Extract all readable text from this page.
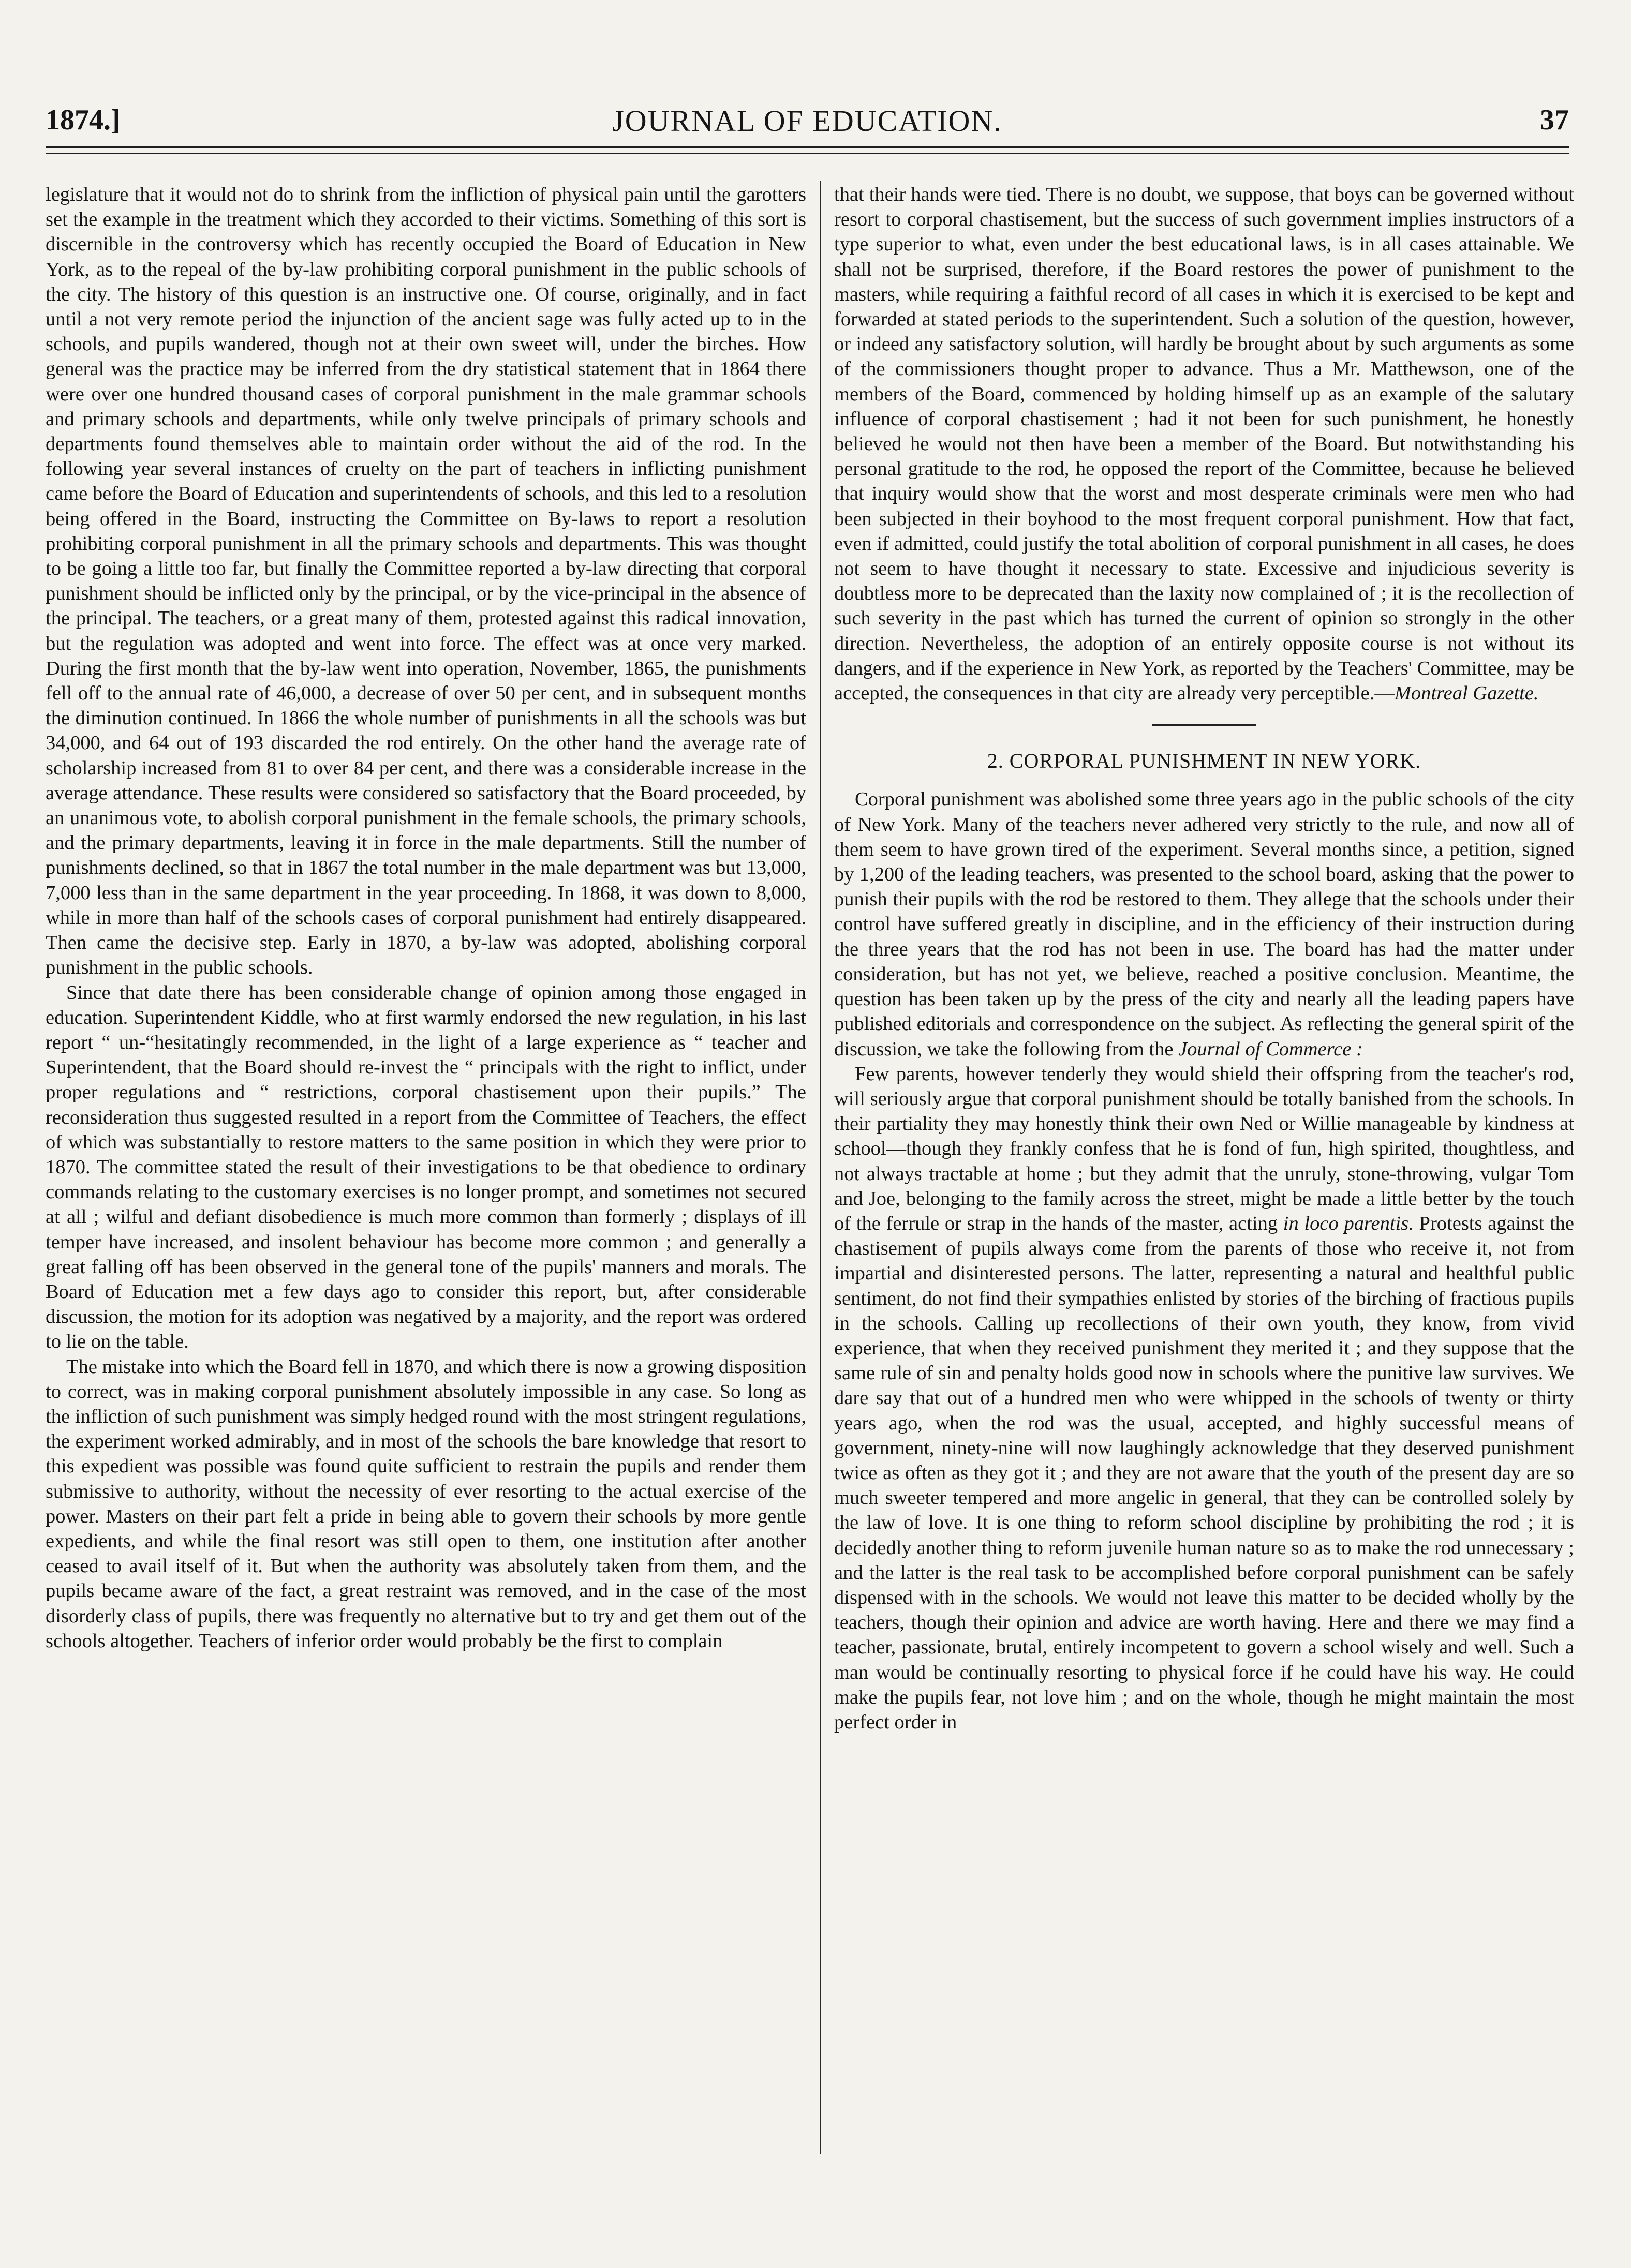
1874.]	JOURNAL OF EDUCATION.	37

legislature that it would not do to shrink from the infliction of physical pain until the garotters set the example in the treatment which they accorded to their victims. Something of this sort is discernible in the controversy which has recently occupied the Board of Education in New York, as to the repeal of the by-law prohibiting corporal punishment in the public schools of the city. The history of this question is an instructive one. Of course, originally, and in fact until a not very remote period the injunction of the ancient sage was fully acted up to in the schools, and pupils wandered, though not at their own sweet will, under the birches. How general was the practice may be inferred from the dry statistical statement that in 1864 there were over one hundred thousand cases of corporal punishment in the male grammar schools and primary schools and departments, while only twelve principals of primary schools and departments found themselves able to maintain order without the aid of the rod. In the following year several instances of cruelty on the part of teachers in inflicting punishment came before the Board of Education and superintendents of schools, and this led to a resolution being offered in the Board, instructing the Committee on By-laws to report a resolution prohibiting corporal punishment in all the primary schools and departments. This was thought to be going a little too far, but finally the Committee reported a by-law directing that corporal punishment should be inflicted only by the principal, or by the vice-principal in the absence of the principal. The teachers, or a great many of them, protested against this radical innovation, but the regulation was adopted and went into force. The effect was at once very marked. During the first month that the by-law went into operation, November, 1865, the punishments fell off to the annual rate of 46,000, a decrease of over 50 per cent, and in subsequent months the diminution continued. In 1866 the whole number of punishments in all the schools was but 34,000, and 64 out of 193 discarded the rod entirely. On the other hand the average rate of scholarship increased from 81 to over 84 per cent, and there was a considerable increase in the average attendance. These results were considered so satisfactory that the Board proceeded, by an unanimous vote, to abolish corporal punishment in the female schools, the primary schools, and the primary departments, leaving it in force in the male departments. Still the number of punishments declined, so that in 1867 the total number in the male department was but 13,000, 7,000 less than in the same department in the year proceeding. In 1868, it was down to 8,000, while in more than half of the schools cases of corporal punishment had entirely disappeared. Then came the decisive step. Early in 1870, a by-law was adopted, abolishing corporal punishment in the public schools.

Since that date there has been considerable change of opinion among those engaged in education. Superintendent Kiddle, who at first warmly endorsed the new regulation, in his last report “ un-“hesitatingly recommended, in the light of a large experience as “ teacher and Superintendent, that the Board should re-invest the “ principals with the right to inflict, under proper regulations and “ restrictions, corporal chastisement upon their pupils.” The reconsideration thus suggested resulted in a report from the Committee of Teachers, the effect of which was substantially to restore matters to the same position in which they were prior to 1870. The committee stated the result of their investigations to be that obedience to ordinary commands relating to the customary exercises is no longer prompt, and sometimes not secured at all ; wilful and defiant disobedience is much more common than formerly ; displays of ill temper have increased, and insolent behaviour has become more common ; and generally a great falling off has been observed in the general tone of the pupils' manners and morals. The Board of Education met a few days ago to consider this report, but, after considerable discussion, the motion for its adoption was negatived by a majority, and the report was ordered to lie on the table.

The mistake into which the Board fell in 1870, and which there is now a growing disposition to correct, was in making corporal punishment absolutely impossible in any case. So long as the infliction of such punishment was simply hedged round with the most stringent regulations, the experiment worked admirably, and in most of the schools the bare knowledge that resort to this expedient was possible was found quite sufficient to restrain the pupils and render them submissive to authority, without the necessity of ever resorting to the actual exercise of the power. Masters on their part felt a pride in being able to govern their schools by more gentle expedients, and while the final resort was still open to them, one institution after another ceased to avail itself of it. But when the authority was absolutely taken from them, and the pupils became aware of the fact, a great restraint was removed, and in the case of the most disorderly class of pupils, there was frequently no alternative but to try and get them out of the schools altogether. Teachers of inferior order would probably be the first to complain

that their hands were tied. There is no doubt, we suppose, that boys can be governed without resort to corporal chastisement, but the success of such government implies instructors of a type superior to what, even under the best educational laws, is in all cases attainable. We shall not be surprised, therefore, if the Board restores the power of punishment to the masters, while requiring a faithful record of all cases in which it is exercised to be kept and forwarded at stated periods to the superintendent. Such a solution of the question, however, or indeed any satisfactory solution, will hardly be brought about by such arguments as some of the commissioners thought proper to advance. Thus a Mr. Matthewson, one of the members of the Board, commenced by holding himself up as an example of the salutary influence of corporal chastisement ; had it not been for such punishment, he honestly believed he would not then have been a member of the Board. But notwithstanding his personal gratitude to the rod, he opposed the report of the Committee, because he believed that inquiry would show that the worst and most desperate criminals were men who had been subjected in their boyhood to the most frequent corporal punishment. How that fact, even if admitted, could justify the total abolition of corporal punishment in all cases, he does not seem to have thought it necessary to state. Excessive and injudicious severity is doubtless more to be deprecated than the laxity now complained of ; it is the recollection of such severity in the past which has turned the current of opinion so strongly in the other direction. Nevertheless, the adoption of an entirely opposite course is not without its dangers, and if the experience in New York, as reported by the Teachers' Committee, may be accepted, the consequences in that city are already very perceptible.—Montreal Gazette.

2. CORPORAL PUNISHMENT IN NEW YORK.

Corporal punishment was abolished some three years ago in the public schools of the city of New York. Many of the teachers never adhered very strictly to the rule, and now all of them seem to have grown tired of the experiment. Several months since, a petition, signed by 1,200 of the leading teachers, was presented to the school board, asking that the power to punish their pupils with the rod be restored to them. They allege that the schools under their control have suffered greatly in discipline, and in the efficiency of their instruction during the three years that the rod has not been in use. The board has had the matter under consideration, but has not yet, we believe, reached a positive conclusion. Meantime, the question has been taken up by the press of the city and nearly all the leading papers have published editorials and correspondence on the subject. As reflecting the general spirit of the discussion, we take the following from the Journal of Commerce :

Few parents, however tenderly they would shield their offspring from the teacher's rod, will seriously argue that corporal punishment should be totally banished from the schools. In their partiality they may honestly think their own Ned or Willie manageable by kindness at school—though they frankly confess that he is fond of fun, high spirited, thoughtless, and not always tractable at home ; but they admit that the unruly, stone-throwing, vulgar Tom and Joe, belonging to the family across the street, might be made a little better by the touch of the ferrule or strap in the hands of the master, acting in loco parentis. Protests against the chastisement of pupils always come from the parents of those who receive it, not from impartial and disinterested persons. The latter, representing a natural and healthful public sentiment, do not find their sympathies enlisted by stories of the birching of fractious pupils in the schools. Calling up recollections of their own youth, they know, from vivid experience, that when they received punishment they merited it ; and they suppose that the same rule of sin and penalty holds good now in schools where the punitive law survives. We dare say that out of a hundred men who were whipped in the schools of twenty or thirty years ago, when the rod was the usual, accepted, and highly successful means of government, ninety-nine will now laughingly acknowledge that they deserved punishment twice as often as they got it ; and they are not aware that the youth of the present day are so much sweeter tempered and more angelic in general, that they can be controlled solely by the law of love. It is one thing to reform school discipline by prohibiting the rod ; it is decidedly another thing to reform juvenile human nature so as to make the rod unnecessary ; and the latter is the real task to be accomplished before corporal punishment can be safely dispensed with in the schools. We would not leave this matter to be decided wholly by the teachers, though their opinion and advice are worth having. Here and there we may find a teacher, passionate, brutal, entirely incompetent to govern a school wisely and well. Such a man would be continually resorting to physical force if he could have his way. He could make the pupils fear, not love him ; and on the whole, though he might maintain the most perfect order in
